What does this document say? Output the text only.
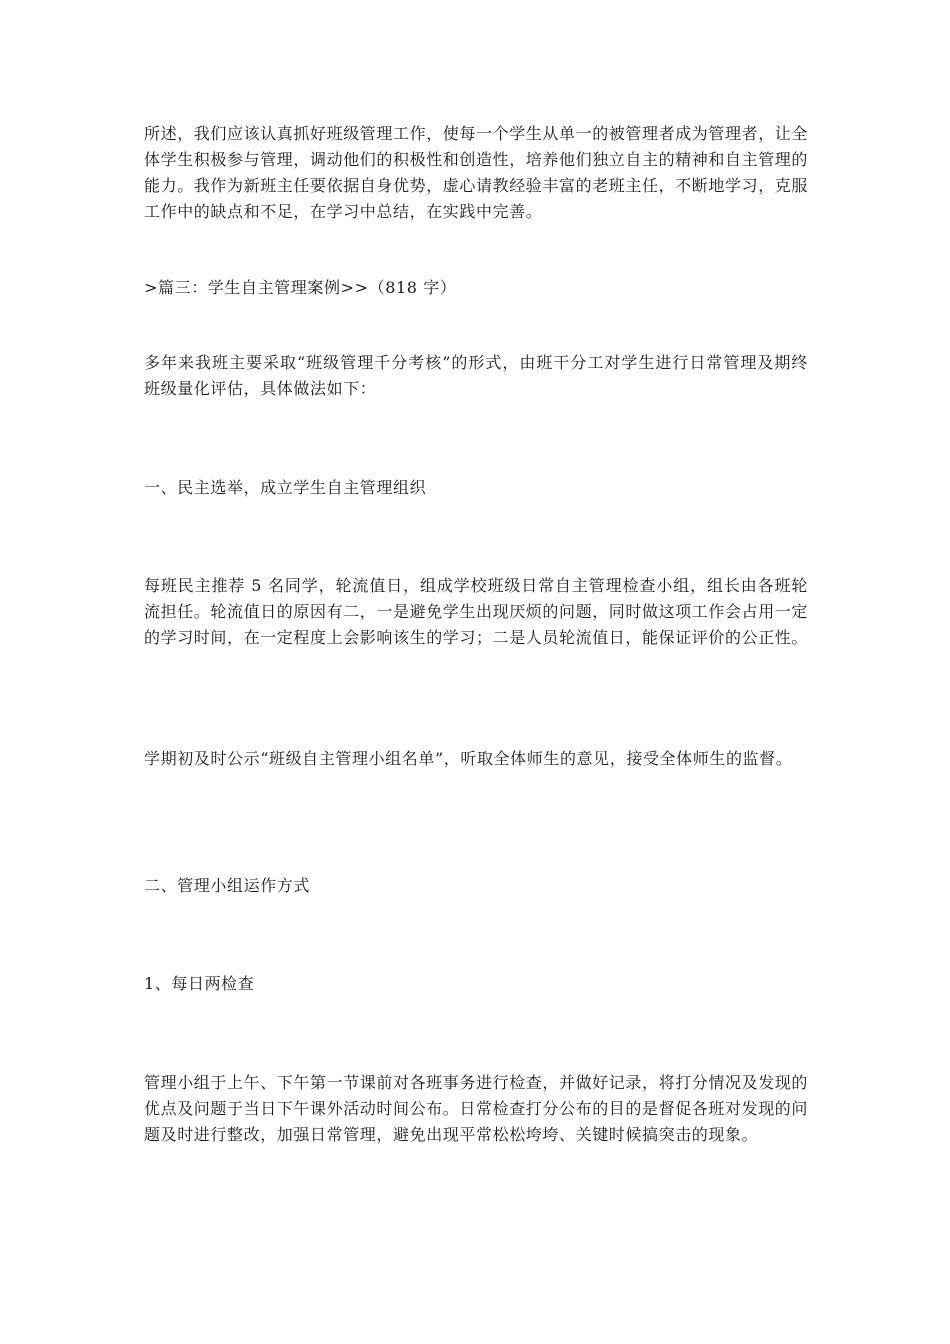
所述，我们应该认真抓好班级管理工作，使每一个学生从单一的被管理者成为管理者，让全体学生积极参与管理，调动他们的积极性和创造性，培养他们独立自主的精神和自主管理的能力。我作为新班主任要依据自身优势，虚心请教经验丰富的老班主任，不断地学习，克服工作中的缺点和不足，在学习中总结，在实践中完善。

>篇三：学生自主管理案例>>（818 字）

多年来我班主要采取“班级管理千分考核”的形式，由班干分工对学生进行日常管理及期终班级量化评估，具体做法如下：

一、民主选举，成立学生自主管理组织

每班民主推荐 5 名同学，轮流值日，组成学校班级日常自主管理检查小组，组长由各班轮流担任。轮流值日的原因有二，一是避免学生出现厌烦的问题，同时做这项工作会占用一定的学习时间，在一定程度上会影响该生的学习；二是人员轮流值日，能保证评价的公正性。

学期初及时公示“班级自主管理小组名单”，听取全体师生的意见，接受全体师生的监督。

二、管理小组运作方式

1、每日两检查

管理小组于上午、下午第一节课前对各班事务进行检查，并做好记录，将打分情况及发现的优点及问题于当日下午课外活动时间公布。日常检查打分公布的目的是督促各班对发现的问题及时进行整改，加强日常管理，避免出现平常松松垮垮、关键时候搞突击的现象。
